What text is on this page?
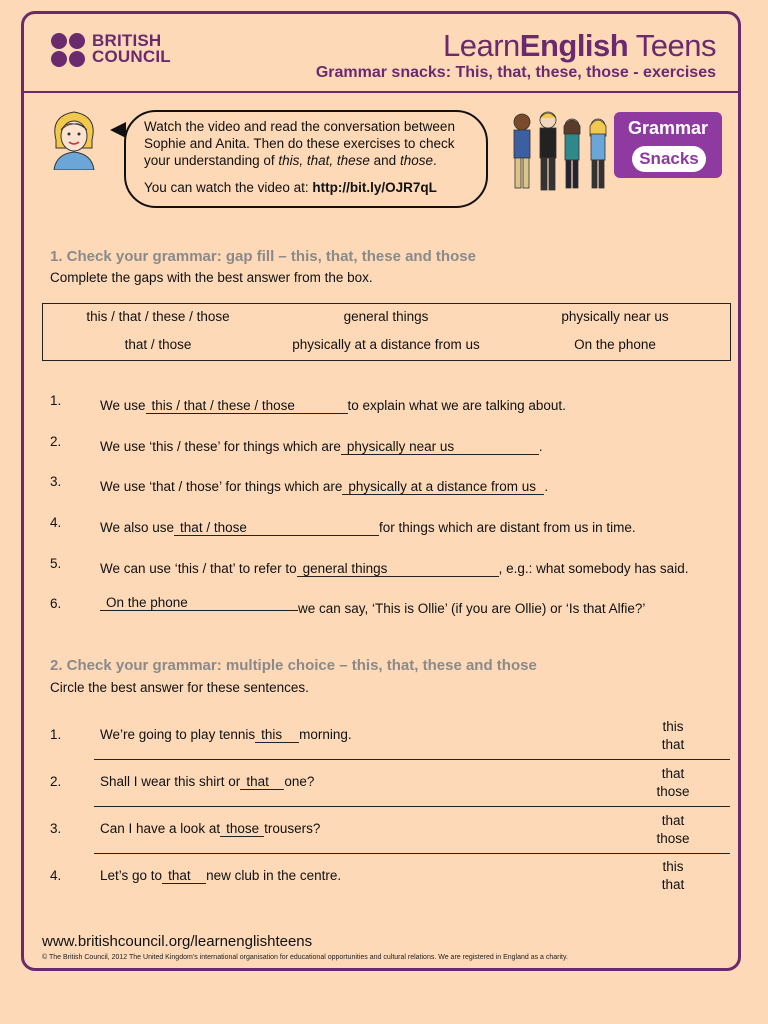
BRITISH
COUNCIL	LearnEnglish Teens
Grammar snacks: This, that, these, those - exercises
Watch the video and read the conversation between Sophie and Anita. Then do these exercises to check your understanding of this, that, these and those.
You can watch the video at: http://bit.ly/OJR7qL
Grammar
Snacks
1. Check your grammar: gap fill – this, that, these and those
Complete the gaps with the best answer from the box.
this / that / these / those	general things	physically near us
that / those	physically at a distance from us	On the phone
1.	We use this / that / these / those	to explain what we are talking about.
2.	We use ‘this / these’ for things which are physically near us	.
3.	We use ‘that / those’ for things which are physically at a distance from us .
4.	We also use that / those	for things which are distant from us in time.
5.	We can use ‘this / that’ to refer to general things	, e.g.: what somebody has said.
6.	On the phone	we can say, ‘This is Ollie’ (if you are Ollie) or ‘Is that Alfie?’
2. Check your grammar: multiple choice – this, that, these and those
Circle the best answer for these sentences.
1.	We’re going to play tennis this morning.
this
that
2.	Shall I wear this shirt or that one?
that
those
3.	Can I have a look at those trousers?
that
those
4.	Let’s go to that new club in the centre.
this
that
www.britishcouncil.org/learnenglishteens
© The British Council, 2012 The United Kingdom’s international organisation for educational opportunities and cultural relations. We are registered in England as a charity.
